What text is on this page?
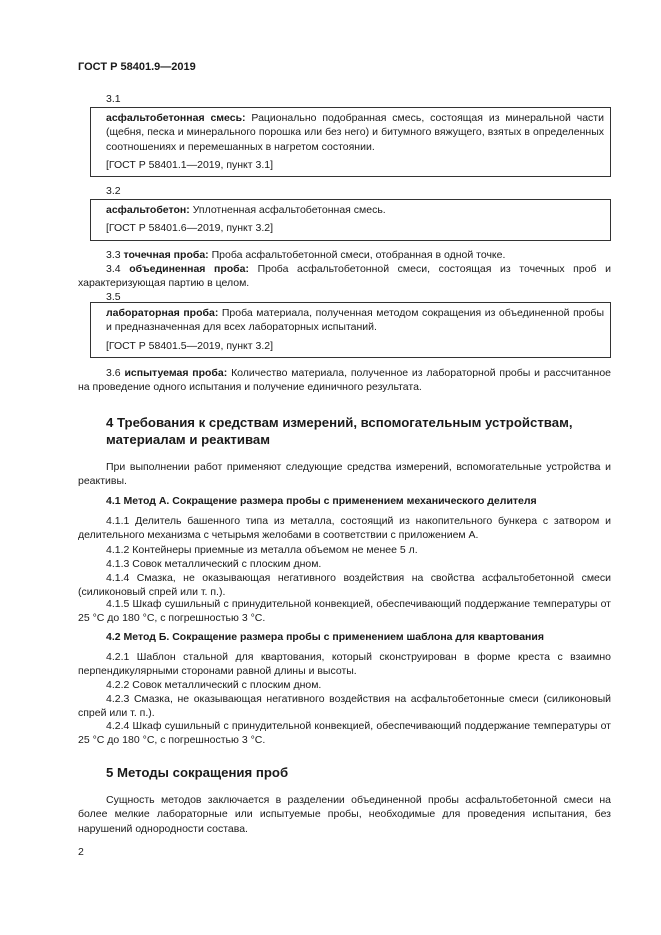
ГОСТ Р 58401.9—2019
3.1

асфальтобетонная смесь: Рационально подобранная смесь, состоящая из минеральной части (щебня, песка и минерального порошка или без него) и битумного вяжущего, взятых в определенных соотношениях и перемешанных в нагретом состоянии.

[ГОСТ Р 58401.1—2019, пункт 3.1]

3.2

асфальтобетон: Уплотненная асфальтобетонная смесь.

[ГОСТ Р 58401.6—2019, пункт 3.2]

3.3 точечная проба: Проба асфальтобетонной смеси, отобранная в одной точке.

3.4 объединенная проба: Проба асфальтобетонной смеси, состоящая из точечных проб и характеризующая партию в целом.

3.5

лабораторная проба: Проба материала, полученная методом сокращения из объединенной пробы и предназначенная для всех лабораторных испытаний.

[ГОСТ Р 58401.5—2019, пункт 3.2]

3.6 испытуемая проба: Количество материала, полученное из лабораторной пробы и рассчитанное на проведение одного испытания и получение единичного результата.

4 Требования к средствам измерений, вспомогательным устройствам, материалам и реактивам

При выполнении работ применяют следующие средства измерений, вспомогательные устройства и реактивы.

4.1 Метод А. Сокращение размера пробы с применением механического делителя

4.1.1 Делитель башенного типа из металла, состоящий из накопительного бункера с затвором и делительного механизма с четырьмя желобами в соответствии с приложением А.

4.1.2 Контейнеры приемные из металла объемом не менее 5 л.

4.1.3 Совок металлический с плоским дном.

4.1.4 Смазка, не оказывающая негативного воздействия на свойства асфальтобетонной смеси (силиконовый спрей или т. п.).

4.1.5 Шкаф сушильный с принудительной конвекцией, обеспечивающий поддержание температуры от 25 °С до 180 °С, с погрешностью 3 °С.

4.2 Метод Б. Сокращение размера пробы с применением шаблона для квартования

4.2.1 Шаблон стальной для квартования, который сконструирован в форме креста с взаимно перпендикулярными сторонами равной длины и высоты.

4.2.2 Совок металлический с плоским дном.

4.2.3 Смазка, не оказывающая негативного воздействия на асфальтобетонные смеси (силиконовый спрей или т. п.).

4.2.4 Шкаф сушильный с принудительной конвекцией, обеспечивающий поддержание температуры от 25 °С до 180 °С, с погрешностью 3 °С.

5 Методы сокращения проб

Сущность методов заключается в разделении объединенной пробы асфальтобетонной смеси на более мелкие лабораторные или испытуемые пробы, необходимые для проведения испытания, без нарушений однородности состава.

2
